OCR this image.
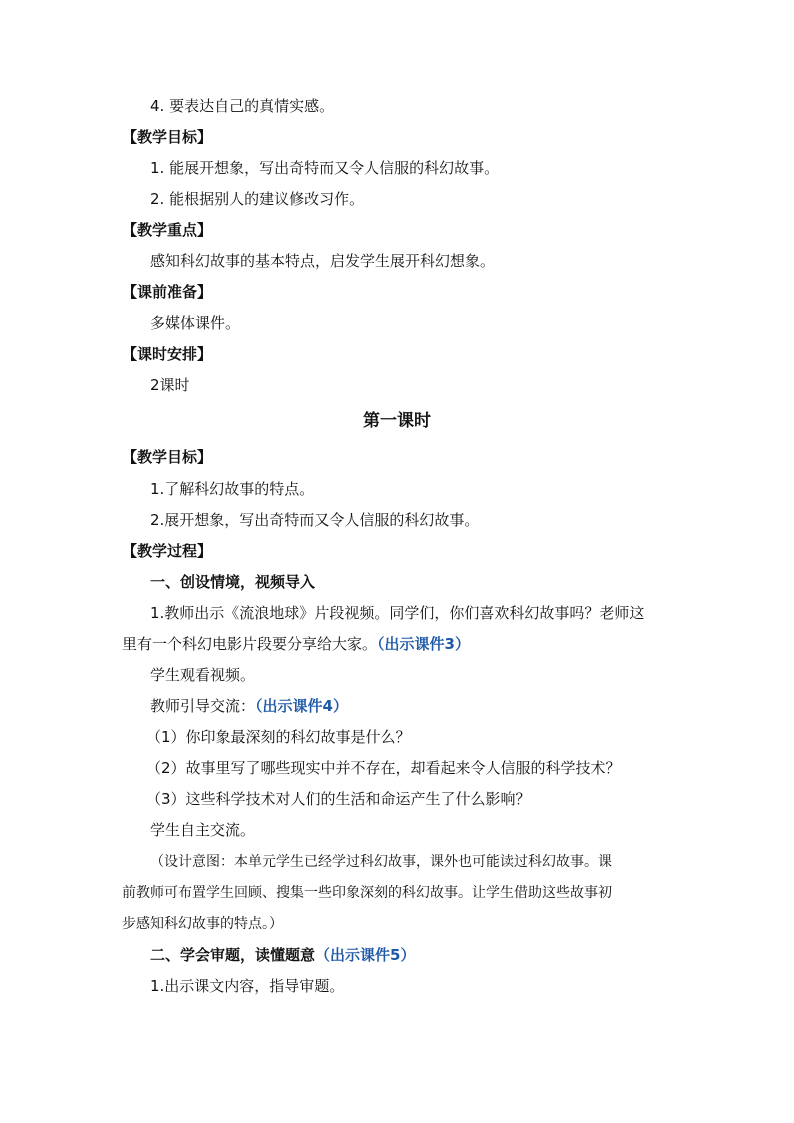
4. 要表达自己的真情实感。
【教学目标】
1. 能展开想象，写出奇特而又令人信服的科幻故事。
2. 能根据别人的建议修改习作。
【教学重点】
感知科幻故事的基本特点，启发学生展开科幻想象。
【课前准备】
多媒体课件。
【课时安排】
2课时
第一课时
【教学目标】
1.了解科幻故事的特点。
2.展开想象，写出奇特而又令人信服的科幻故事。
【教学过程】
一、创设情境，视频导入
1.教师出示《流浪地球》片段视频。同学们，你们喜欢科幻故事吗？老师这
里有一个科幻电影片段要分享给大家。（出示课件3）
学生观看视频。
教师引导交流：（出示课件4）
（1）你印象最深刻的科幻故事是什么？
（2）故事里写了哪些现实中并不存在，却看起来令人信服的科学技术？
（3）这些科学技术对人们的生活和命运产生了什么影响？
学生自主交流。
（设计意图：本单元学生已经学过科幻故事，课外也可能读过科幻故事。课
前教师可布置学生回顾、搜集一些印象深刻的科幻故事。让学生借助这些故事初
步感知科幻故事的特点。）
二、学会审题，读懂题意（出示课件5）
1.出示课文内容，指导审题。
